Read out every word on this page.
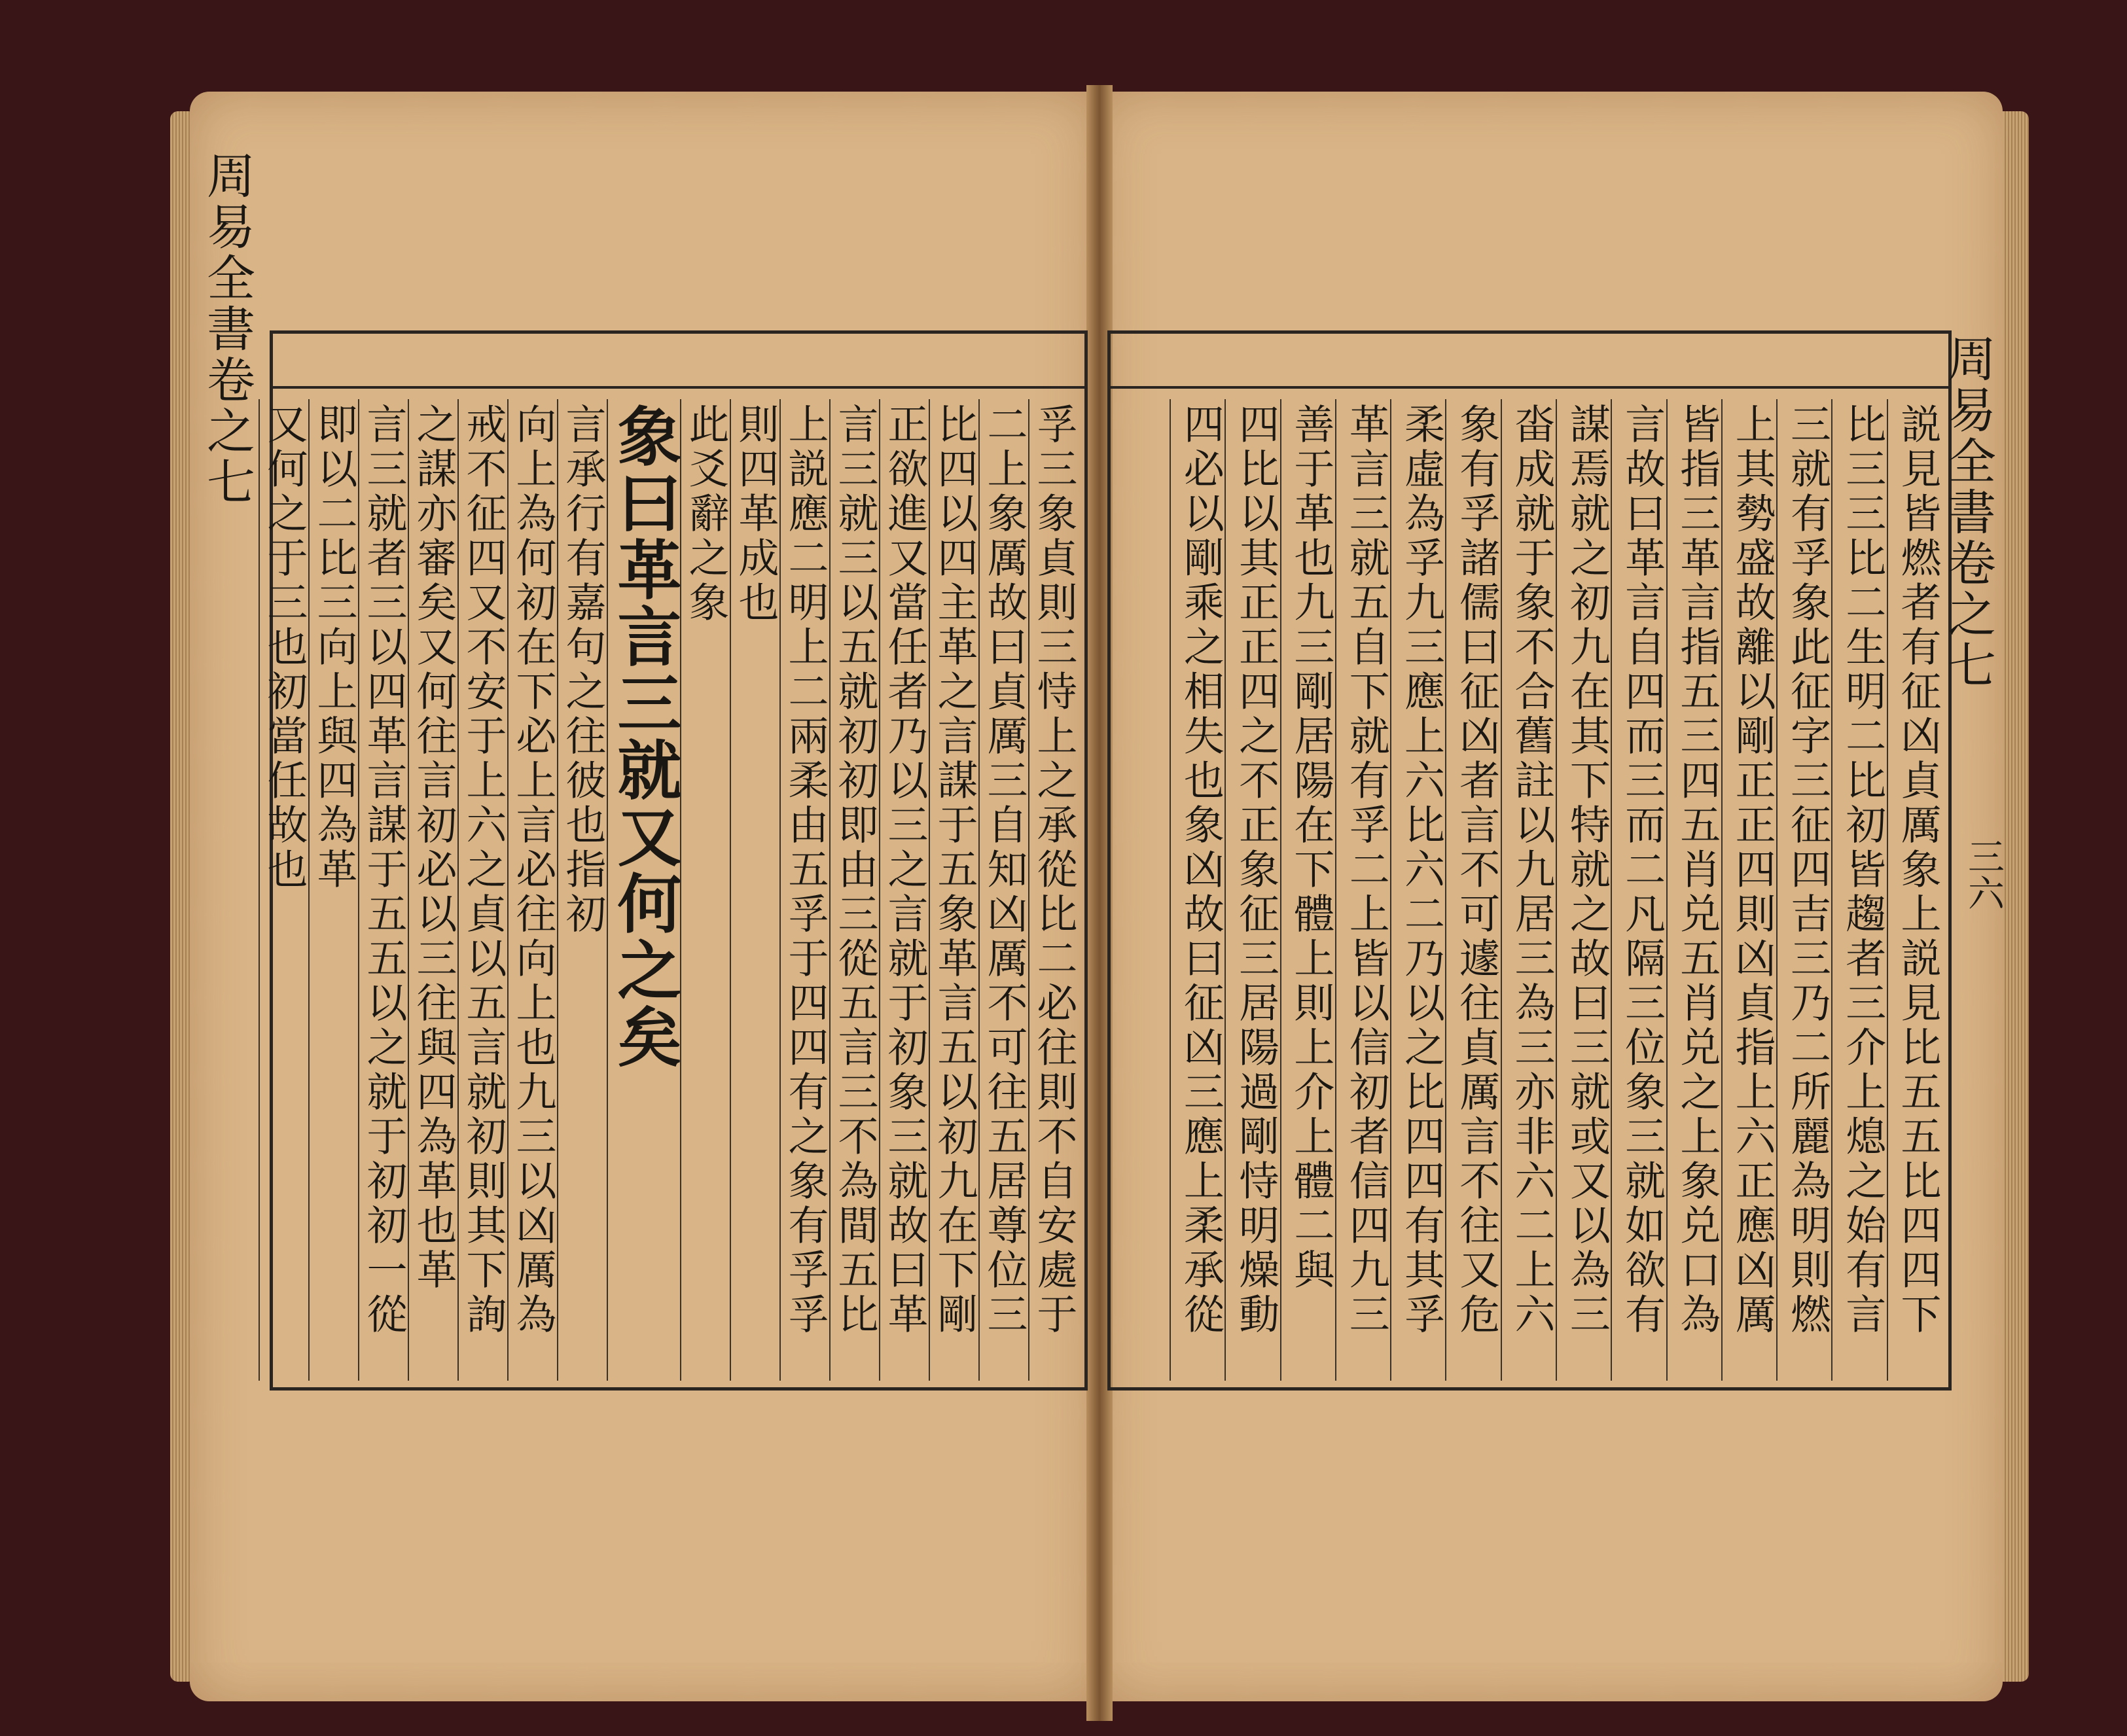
周易全書卷之七
三六
孚三象貞則三恃上之承從比二必往則不自安處于
二上象厲故曰貞厲三自知凶厲不可往五居尊位三
比四以四主革之言謀于五象革言五以初九在下剛
正欲進又當任者乃以三之言就于初象三就故曰革
言三就三以五就初初即由三從五言三不為間五比
上説應二明上二兩柔由五孚于四四有之象有孚孚
則四革成也
此爻辭之象
象曰革言三就又何之矣
言承行有嘉句之往彼也指初
向上為何初在下必上言必往向上也九三以凶厲為
戒不征四又不安于上六之貞以五言就初則其下詢
之謀亦審矣又何往言初必以三往與四為革也革
言三就者三以四革言謀于五五以之就于初初一從
即以二比三向上與四為革
又何之于三也初當任故也	説見皆燃者有征凶貞厲象上説見比五五比四四下
比三三比二生明二比初皆趨者三介上熄之始有言
三就有孚象此征字三征四吉三乃二所麗為明則燃
上其勢盛故離以剛正正四則凶貞指上六正應凶厲
皆指三革言指五三四五肖兑五肖兑之上象兑口為
言故曰革言自四而三而二凡隔三位象三就如欲有
謀焉就之初九在其下特就之故曰三就或又以為三
畓成就于象不合舊註以九居三為三亦非六二上六
象有孚諸儒曰征凶者言不可遽往貞厲言不往又危
柔虛為孚九三應上六比六二乃以之比四四有其孚
革言三就五自下就有孚二上皆以信初者信四九三
善于革也九三剛居陽在下體上則上介上體二與
四比以其正正四之不正象征三居陽過剛恃明燥動
四必以剛乘之相失也象凶故曰征凶三應上柔承從	周易全書卷之七
